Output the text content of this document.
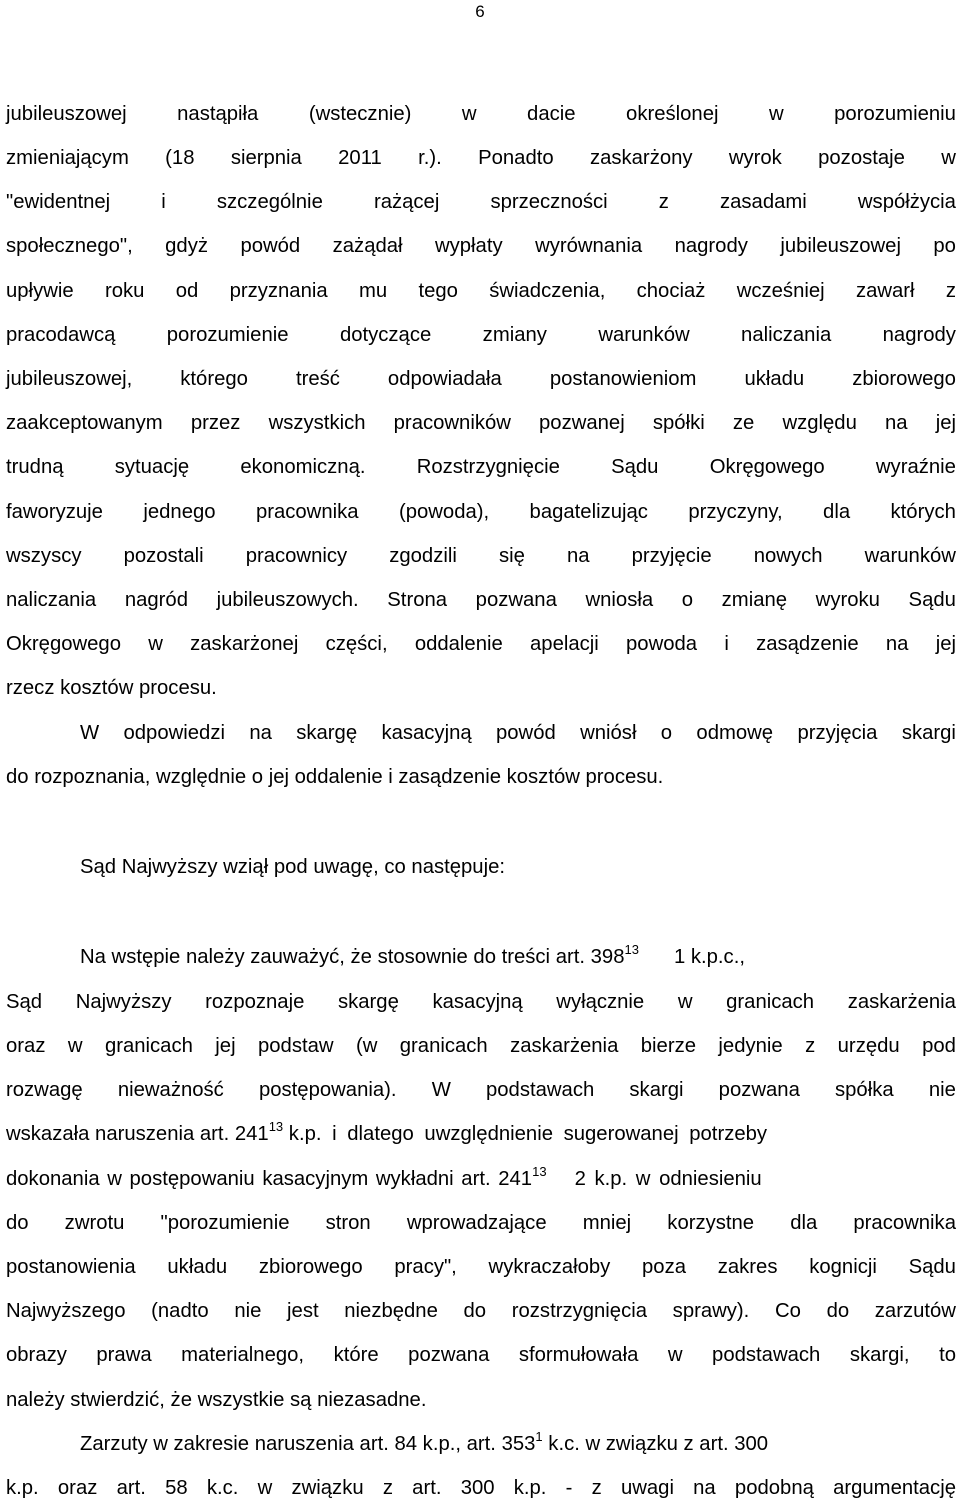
6
jubileuszowej nastąpiła (wstecznie) w dacie określonej w porozumieniu
zmieniającym (18 sierpnia 2011 r.). Ponadto zaskarżony wyrok pozostaje w
"ewidentnej	i	szczególnie	rażącej	sprzeczności	z	zasadami	współżycia
społecznego", gdyż powód zażądał wypłaty wyrównania nagrody jubileuszowej po
upływie roku od przyznania mu tego świadczenia, chociaż wcześniej zawarł z
pracodawcą	porozumienie	dotyczące	zmiany	warunków	naliczania	nagrody
jubileuszowej, którego treść odpowiadała postanowieniom układu zbiorowego
zaakceptowanym przez wszystkich pracowników pozwanej spółki ze względu na jej
trudną	sytuację	ekonomiczną.	Rozstrzygnięcie	Sądu	Okręgowego	wyraźnie
faworyzuje jednego pracownika (powoda), bagatelizując przyczyny, dla których
wszyscy pozostali pracownicy zgodzili się na przyjęcie nowych warunków
naliczania nagród jubileuszowych. Strona pozwana wniosła o zmianę wyroku Sądu
Okręgowego w zaskarżonej części, oddalenie apelacji powoda i zasądzenie na jej
rzecz kosztów procesu.
W odpowiedzi na skargę kasacyjną powód wniósł o odmowę przyjęcia skargi
do rozpoznania, względnie o jej oddalenie i zasądzenie kosztów procesu.
Sąd Najwyższy wziął pod uwagę, co następuje:
Na wstępie należy zauważyć, że stosownie do treści art. $398^{13}$ 1 k.p.c.,
Sąd Najwyższy rozpoznaje skargę kasacyjną wyłącznie w granicach zaskarżenia
oraz w granicach jej podstaw (w granicach zaskarżenia bierze jedynie z urzędu pod
rozwagę nieważność postępowania). W podstawach skargi pozwana spółka nie
wskazała naruszenia art. $241^{13}$ k.p. i dlatego uwzględnienie sugerowanej potrzeby
dokonania w postępowaniu kasacyjnym wykładni art. $241^{13}$ 2 k.p. w odniesieniu
do zwrotu "porozumienie stron wprowadzające mniej korzystne dla pracownika
postanowienia układu zbiorowego pracy", wykraczałoby poza zakres kognicji Sądu
Najwyższego (nadto nie jest niezbędne do rozstrzygnięcia sprawy). Co do zarzutów
obrazy prawa materialnego, które pozwana sformułowała w podstawach skargi, to
należy stwierdzić, że wszystkie są niezasadne.
Zarzuty w zakresie naruszenia art. 84 k.p., art. $353^1$ k.c. w związku z art. 300
k.p. oraz art. 58 k.c. w związku z art. 300 k.p. - z uwagi na podobną argumentację
